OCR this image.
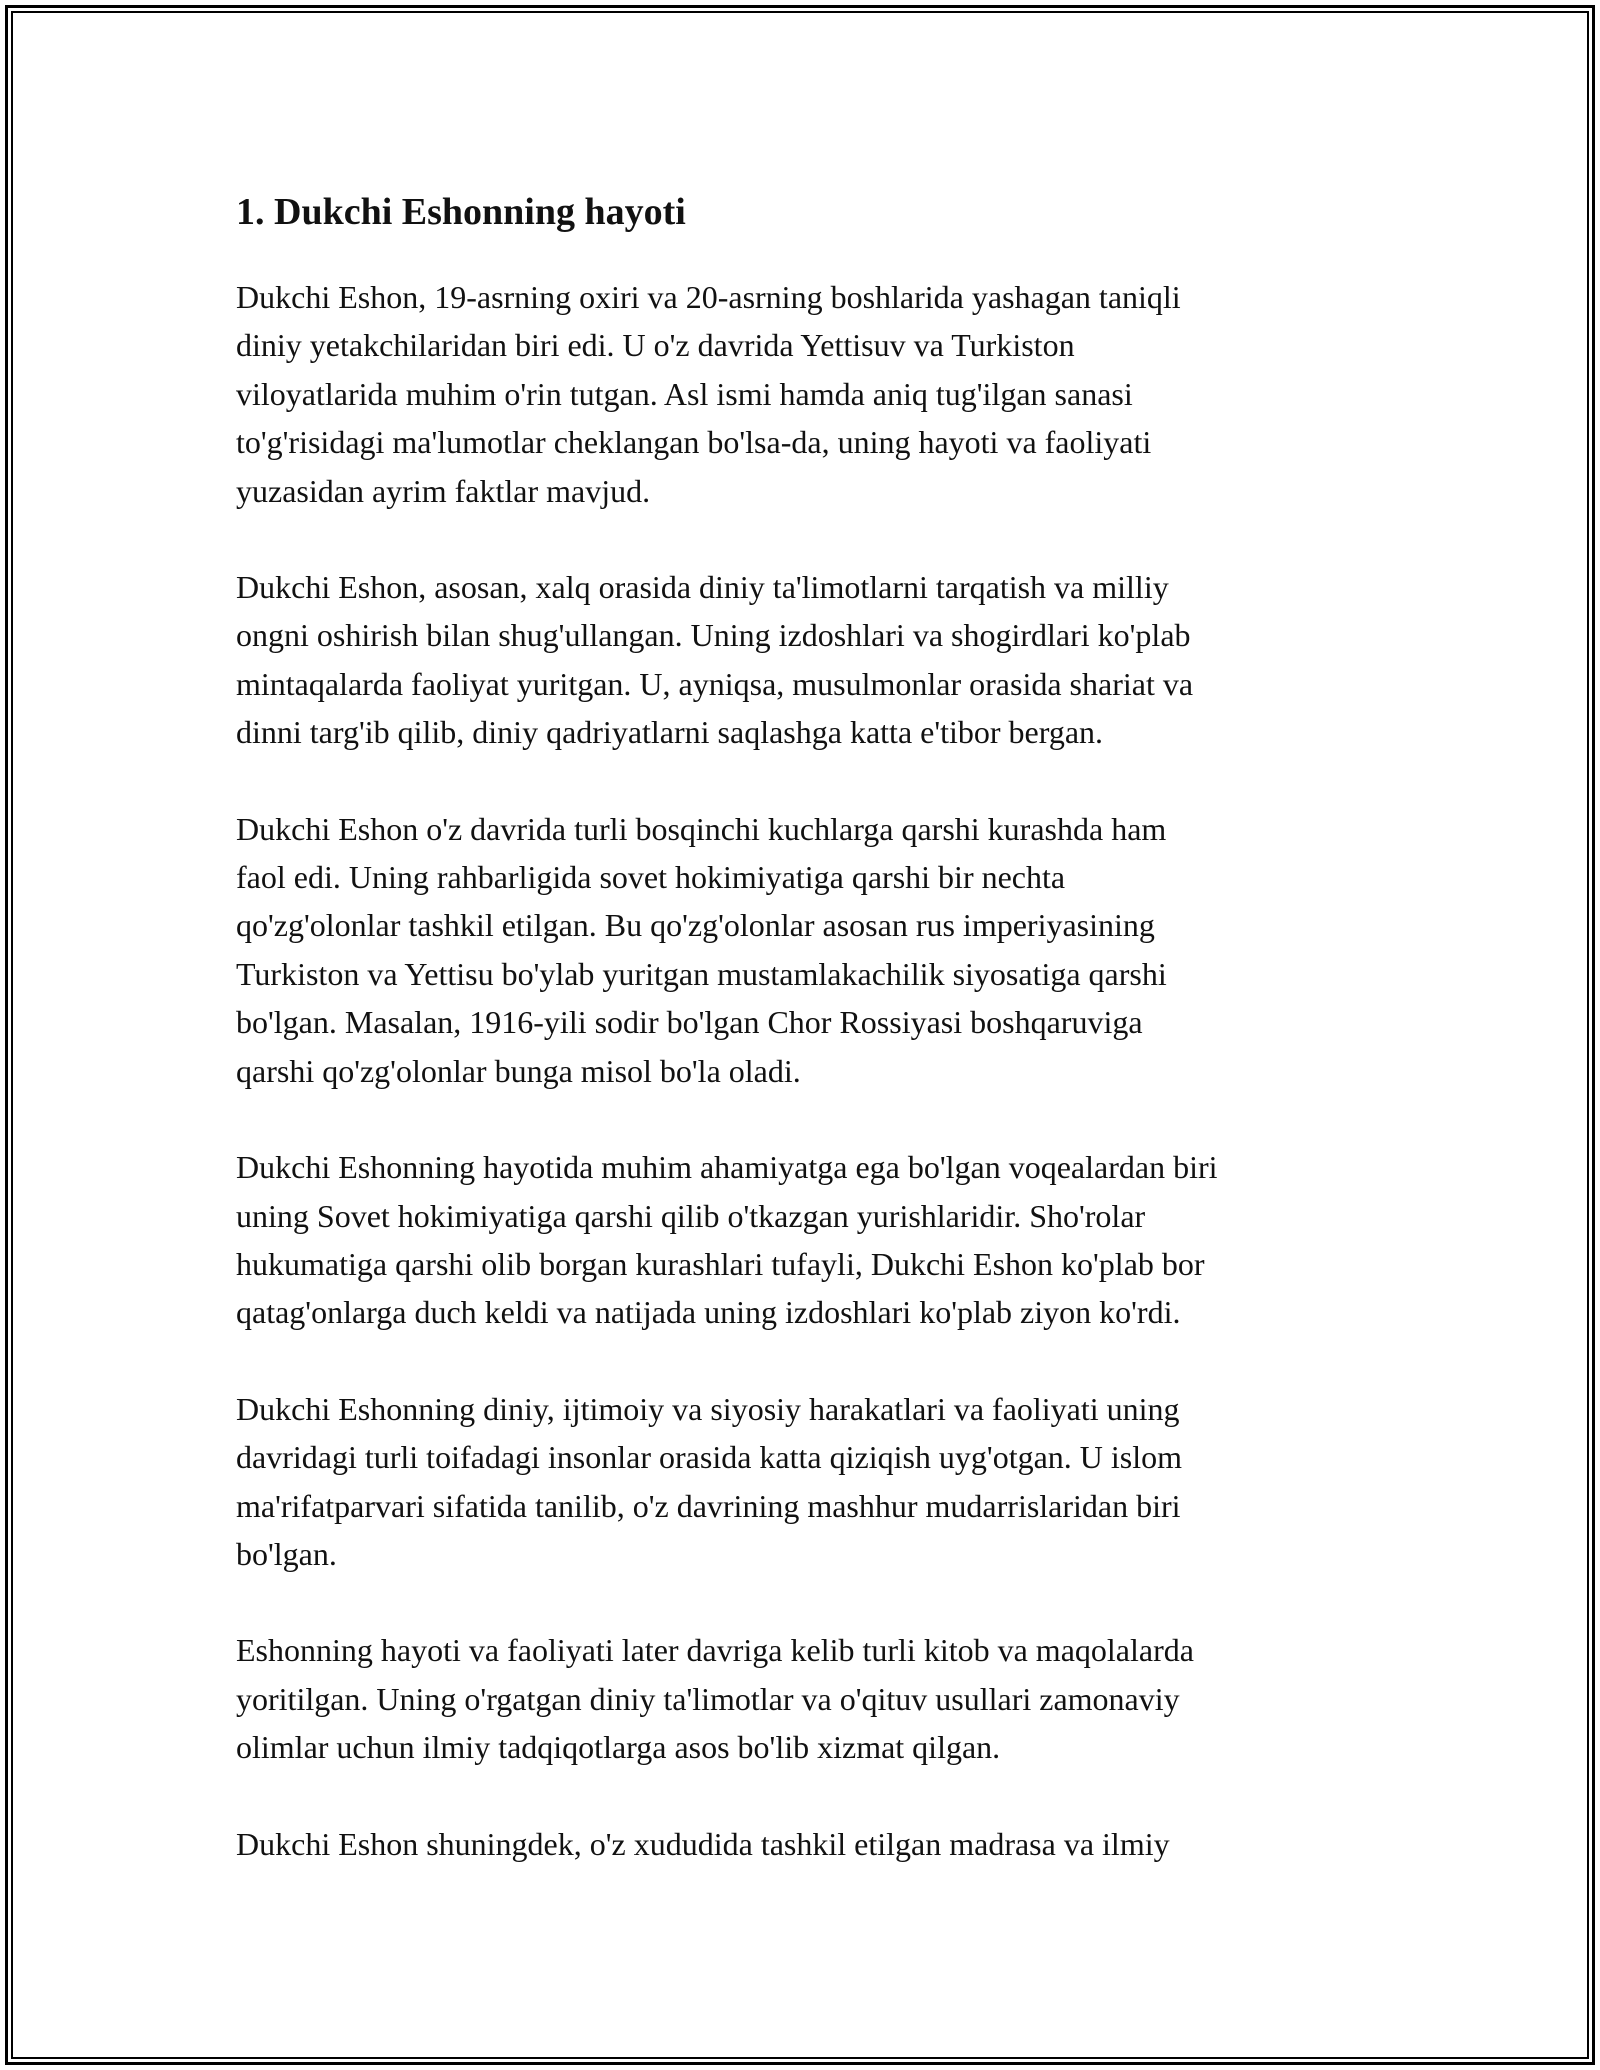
1. Dukchi Eshonning hayoti

Dukchi Eshon, 19-asrning oxiri va 20-asrning boshlarida yashagan taniqli
diniy yetakchilaridan biri edi. U o'z davrida Yettisuv va Turkiston
viloyatlarida muhim o'rin tutgan. Asl ismi hamda aniq tug'ilgan sanasi
to'g'risidagi ma'lumotlar cheklangan bo'lsa-da, uning hayoti va faoliyati
yuzasidan ayrim faktlar mavjud.

Dukchi Eshon, asosan, xalq orasida diniy ta'limotlarni tarqatish va milliy
ongni oshirish bilan shug'ullangan. Uning izdoshlari va shogirdlari ko'plab
mintaqalarda faoliyat yuritgan. U, ayniqsa, musulmonlar orasida shariat va
dinni targ'ib qilib, diniy qadriyatlarni saqlashga katta e'tibor bergan.

Dukchi Eshon o'z davrida turli bosqinchi kuchlarga qarshi kurashda ham
faol edi. Uning rahbarligida sovet hokimiyatiga qarshi bir nechta
qo'zg'olonlar tashkil etilgan. Bu qo'zg'olonlar asosan rus imperiyasining
Turkiston va Yettisu bo'ylab yuritgan mustamlakachilik siyosatiga qarshi
bo'lgan. Masalan, 1916-yili sodir bo'lgan Chor Rossiyasi boshqaruviga
qarshi qo'zg'olonlar bunga misol bo'la oladi.

Dukchi Eshonning hayotida muhim ahamiyatga ega bo'lgan voqealardan biri
uning Sovet hokimiyatiga qarshi qilib o'tkazgan yurishlaridir. Sho'rolar
hukumatiga qarshi olib borgan kurashlari tufayli, Dukchi Eshon ko'plab bor
qatag'onlarga duch keldi va natijada uning izdoshlari ko'plab ziyon ko'rdi.

Dukchi Eshonning diniy, ijtimoiy va siyosiy harakatlari va faoliyati uning
davridagi turli toifadagi insonlar orasida katta qiziqish uyg'otgan. U islom
ma'rifatparvari sifatida tanilib, o'z davrining mashhur mudarrislaridan biri
bo'lgan.

Eshonning hayoti va faoliyati later davriga kelib turli kitob va maqolalarda
yoritilgan. Uning o'rgatgan diniy ta'limotlar va o'qituv usullari zamonaviy
olimlar uchun ilmiy tadqiqotlarga asos bo'lib xizmat qilgan.

Dukchi Eshon shuningdek, o'z xududida tashkil etilgan madrasa va ilmiy
